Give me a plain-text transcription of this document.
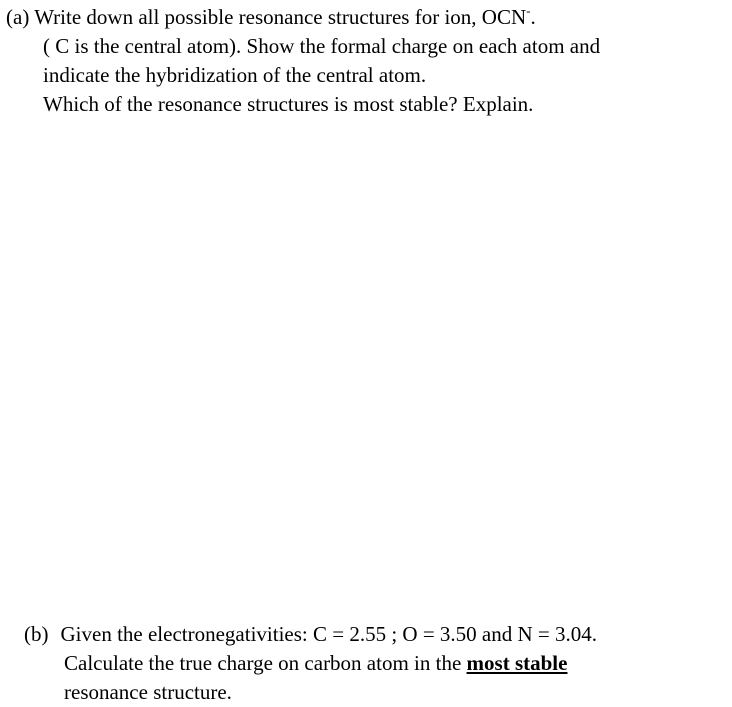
(a) Write down all possible resonance structures for ion, OCN-.
( C is the central atom). Show the formal charge on each atom and
indicate the hybridization of the central atom.
Which of the resonance structures is most stable? Explain.
(b) Given the electronegativities: C = 2.55 ; O = 3.50 and N = 3.04.
Calculate the true charge on carbon atom in the most stable
resonance structure.
